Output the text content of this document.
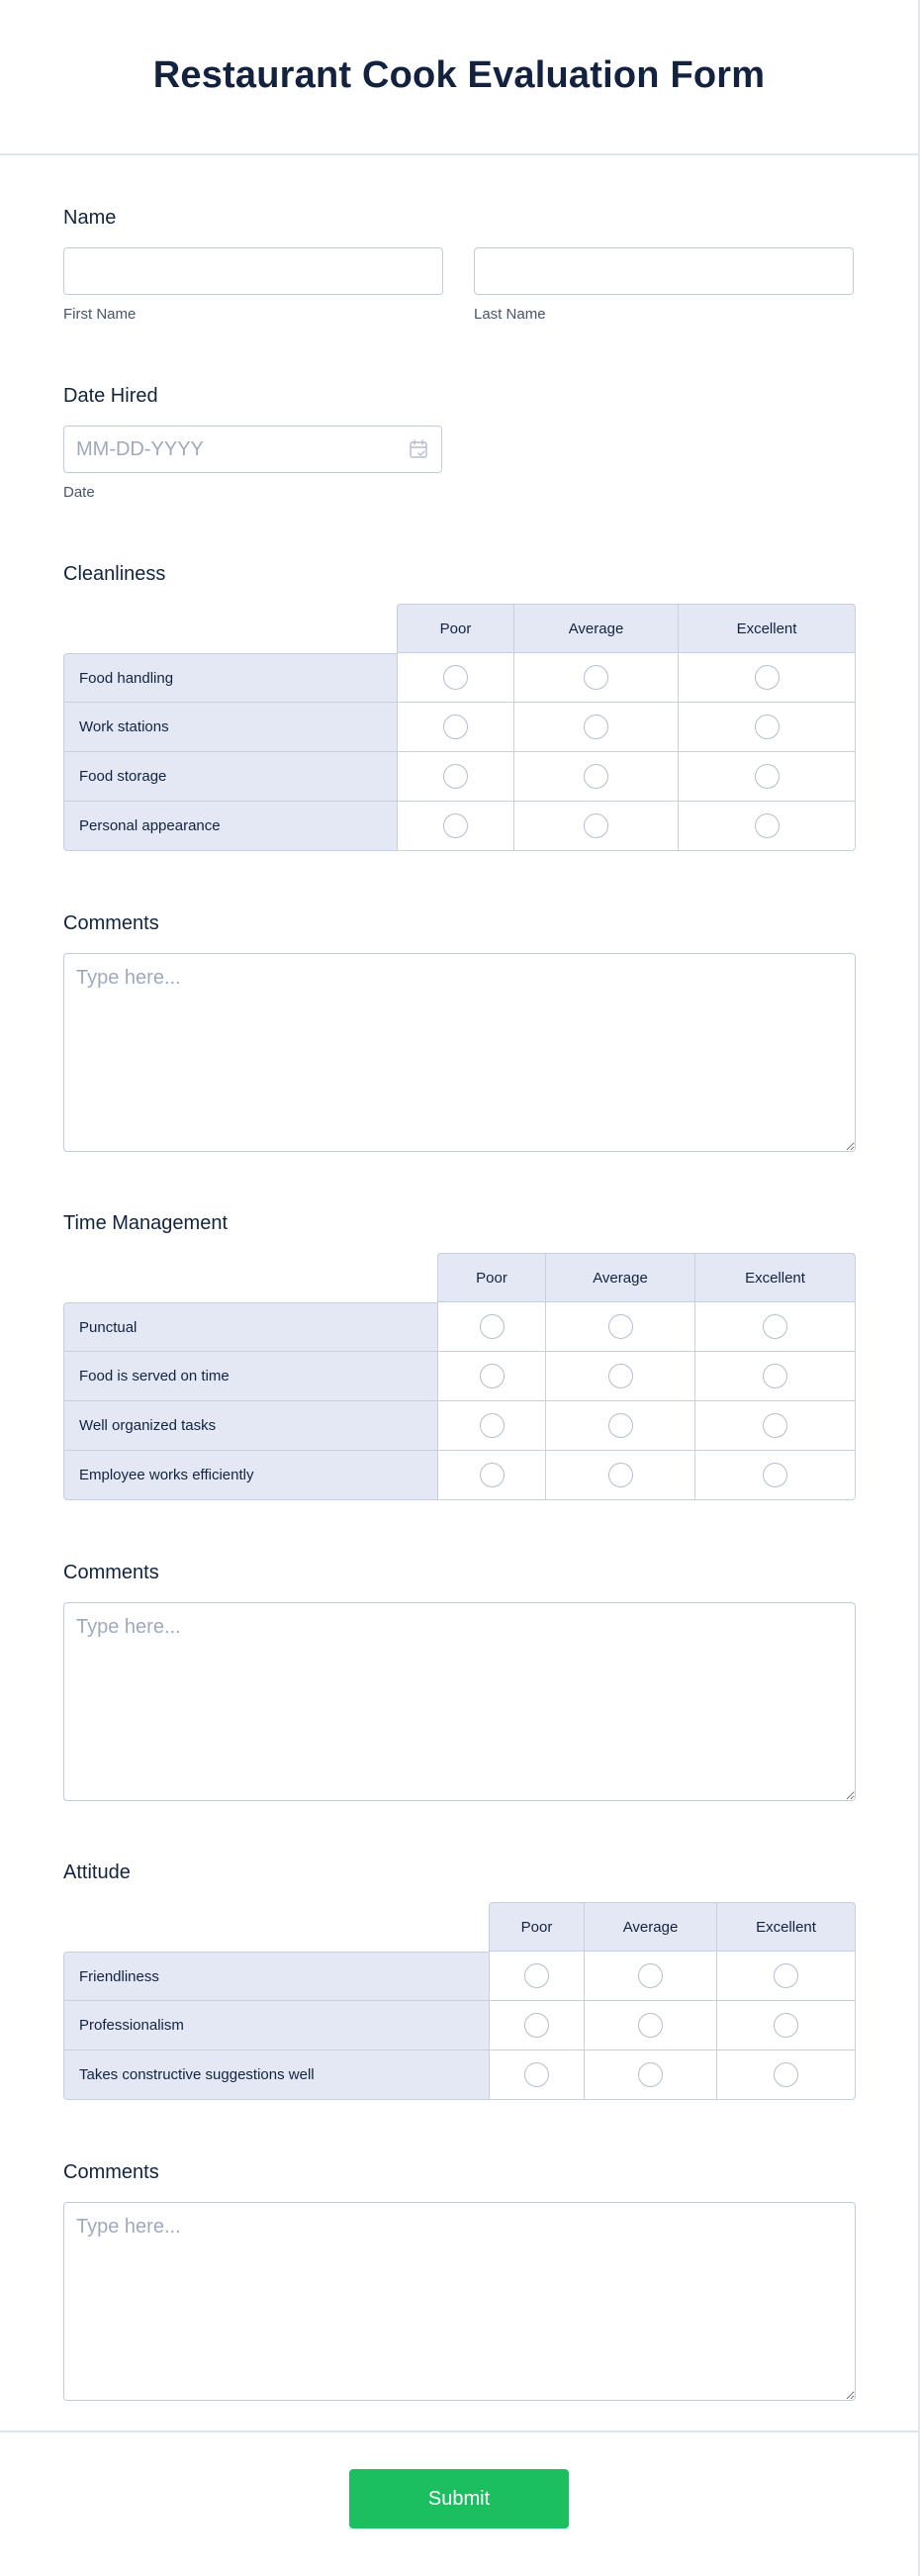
Restaurant Cook Evaluation Form
Name
First Name	Last Name
Date Hired
MM-DD-YYYY
Date
Cleanliness
	Poor	Average	Excellent
Food handling			
Work stations			
Food storage			
Personal appearance			
Comments
Type here...
Time Management
	Poor	Average	Excellent
Punctual			
Food is served on time			
Well organized tasks			
Employee works efficiently			
Comments
Type here...
Attitude
	Poor	Average	Excellent
Friendliness			
Professionalism			
Takes constructive suggestions well			
Comments
Type here...
Submit
